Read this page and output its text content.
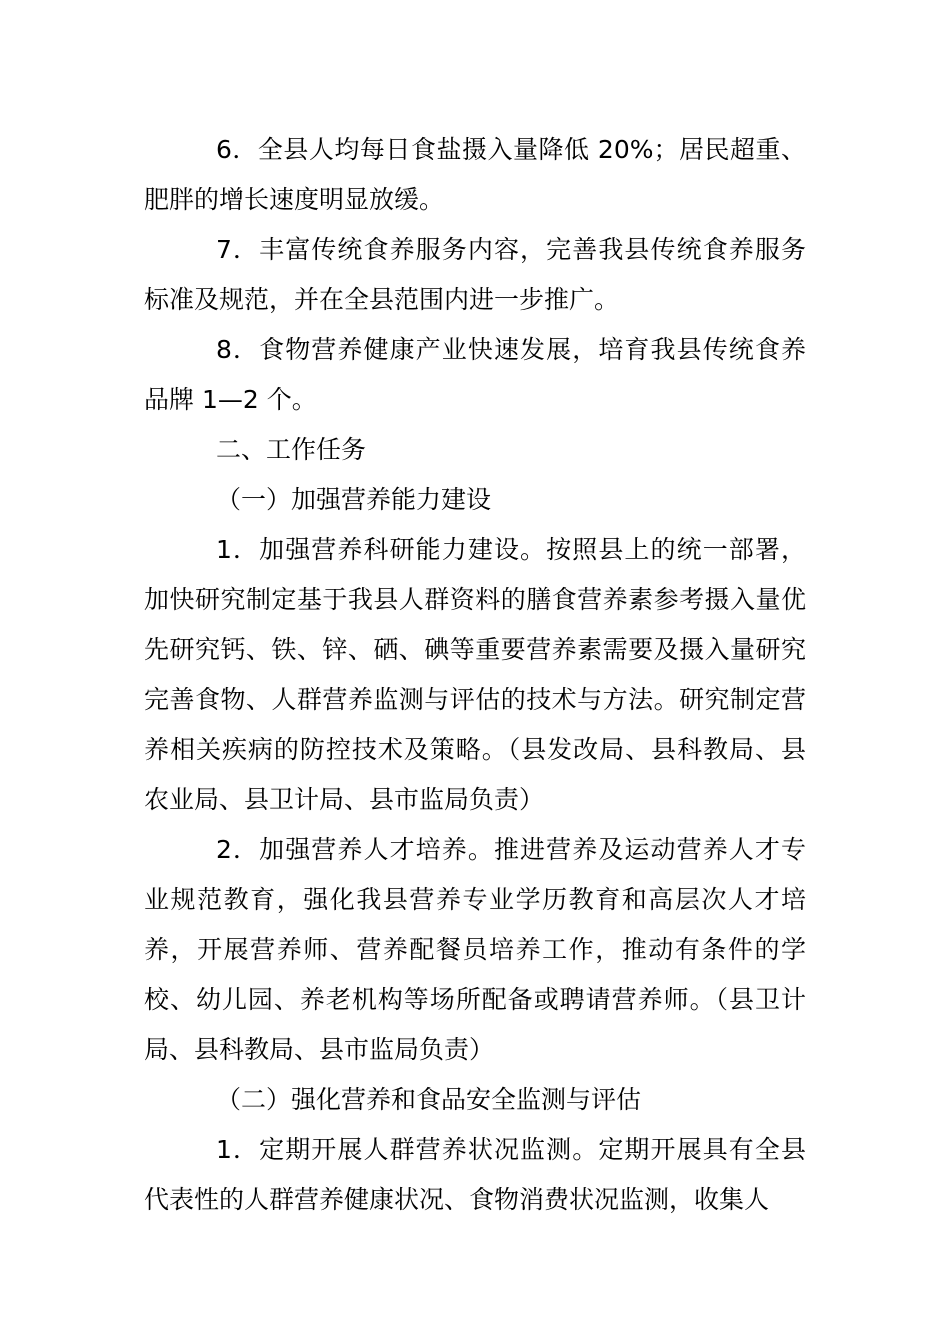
6．全县人均每日食盐摄入量降低 20%；居民超重、肥胖的增长速度明显放缓。

7．丰富传统食养服务内容，完善我县传统食养服务标准及规范，并在全县范围内进一步推广。

8．食物营养健康产业快速发展，培育我县传统食养品牌 1—2 个。

二、工作任务

（一）加强营养能力建设

1．加强营养科研能力建设。按照县上的统一部署，加快研究制定基于我县人群资料的膳食营养素参考摄入量优先研究钙、铁、锌、硒、碘等重要营养素需要及摄入量研究完善食物、人群营养监测与评估的技术与方法。研究制定营养相关疾病的防控技术及策略。（县发改局、县科教局、县农业局、县卫计局、县市监局负责）

2．加强营养人才培养。推进营养及运动营养人才专业规范教育，强化我县营养专业学历教育和高层次人才培养，开展营养师、营养配餐员培养工作，推动有条件的学校、幼儿园、养老机构等场所配备或聘请营养师。（县卫计局、县科教局、县市监局负责）

（二）强化营养和食品安全监测与评估

1．定期开展人群营养状况监测。定期开展具有全县代表性的人群营养健康状况、食物消费状况监测，收集人
